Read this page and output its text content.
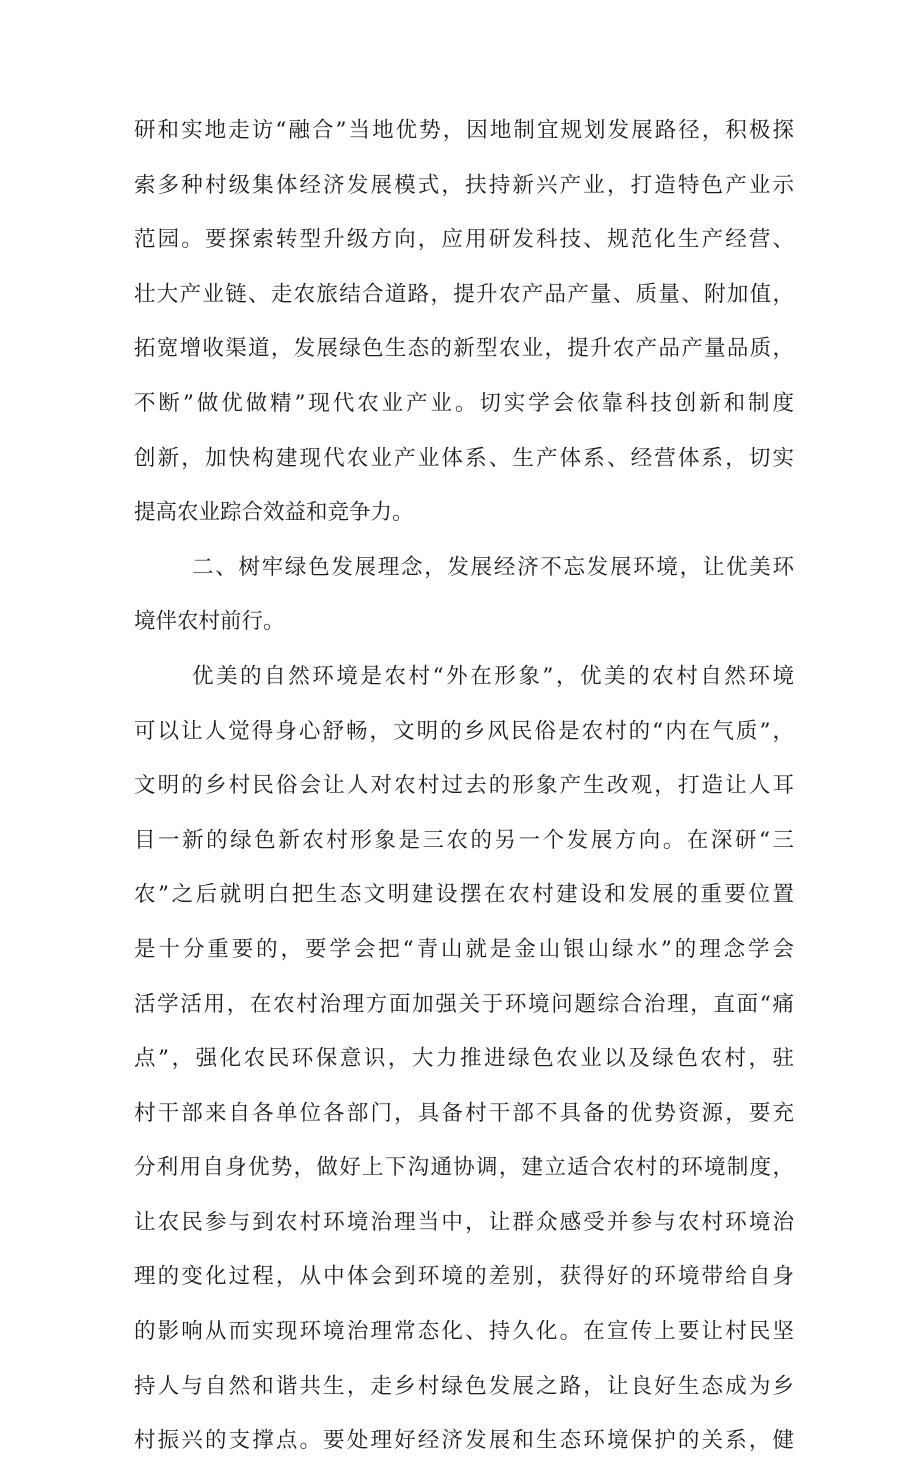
研和实地走访“融合”当地优势，因地制宜规划发展路径，积极探
索多种村级集体经济发展模式，扶持新兴产业，打造特色产业示
范园。要探索转型升级方向，应用研发科技、规范化生产经营、
壮大产业链、走农旅结合道路，提升农产品产量、质量、附加值，
拓宽增收渠道，发展绿色生态的新型农业，提升农产品产量品质，
不断”做优做精”现代农业产业。切实学会依靠科技创新和制度
创新，加快构建现代农业产业体系、生产体系、经营体系，切实
提高农业踪合效益和竞争力。
二、树牢绿色发展理念，发展经济不忘发展环境，让优美环
境伴农村前行。
优美的自然环境是农村“外在形象”，优美的农村自然环境
可以让人觉得身心舒畅，文明的乡风民俗是农村的“内在气质”，
文明的乡村民俗会让人对农村过去的形象产生改观，打造让人耳
目一新的绿色新农村形象是三农的另一个发展方向。在深研“三
农”之后就明白把生态文明建设摆在农村建设和发展的重要位置
是十分重要的，要学会把“青山就是金山银山绿水”的理念学会
活学活用，在农村治理方面加强关于环境问题综合治理，直面“痛
点”，强化农民环保意识，大力推进绿色农业以及绿色农村，驻
村干部来自各单位各部门，具备村干部不具备的优势资源，要充
分利用自身优势，做好上下沟通协调，建立适合农村的环境制度，
让农民参与到农村环境治理当中，让群众感受并参与农村环境治
理的变化过程，从中体会到环境的差别，获得好的环境带给自身
的影响从而实现环境治理常态化、持久化。在宣传上要让村民坚
持人与自然和谐共生，走乡村绿色发展之路，让良好生态成为乡
村振兴的支撑点。要处理好经济发展和生态环境保护的关系，健
